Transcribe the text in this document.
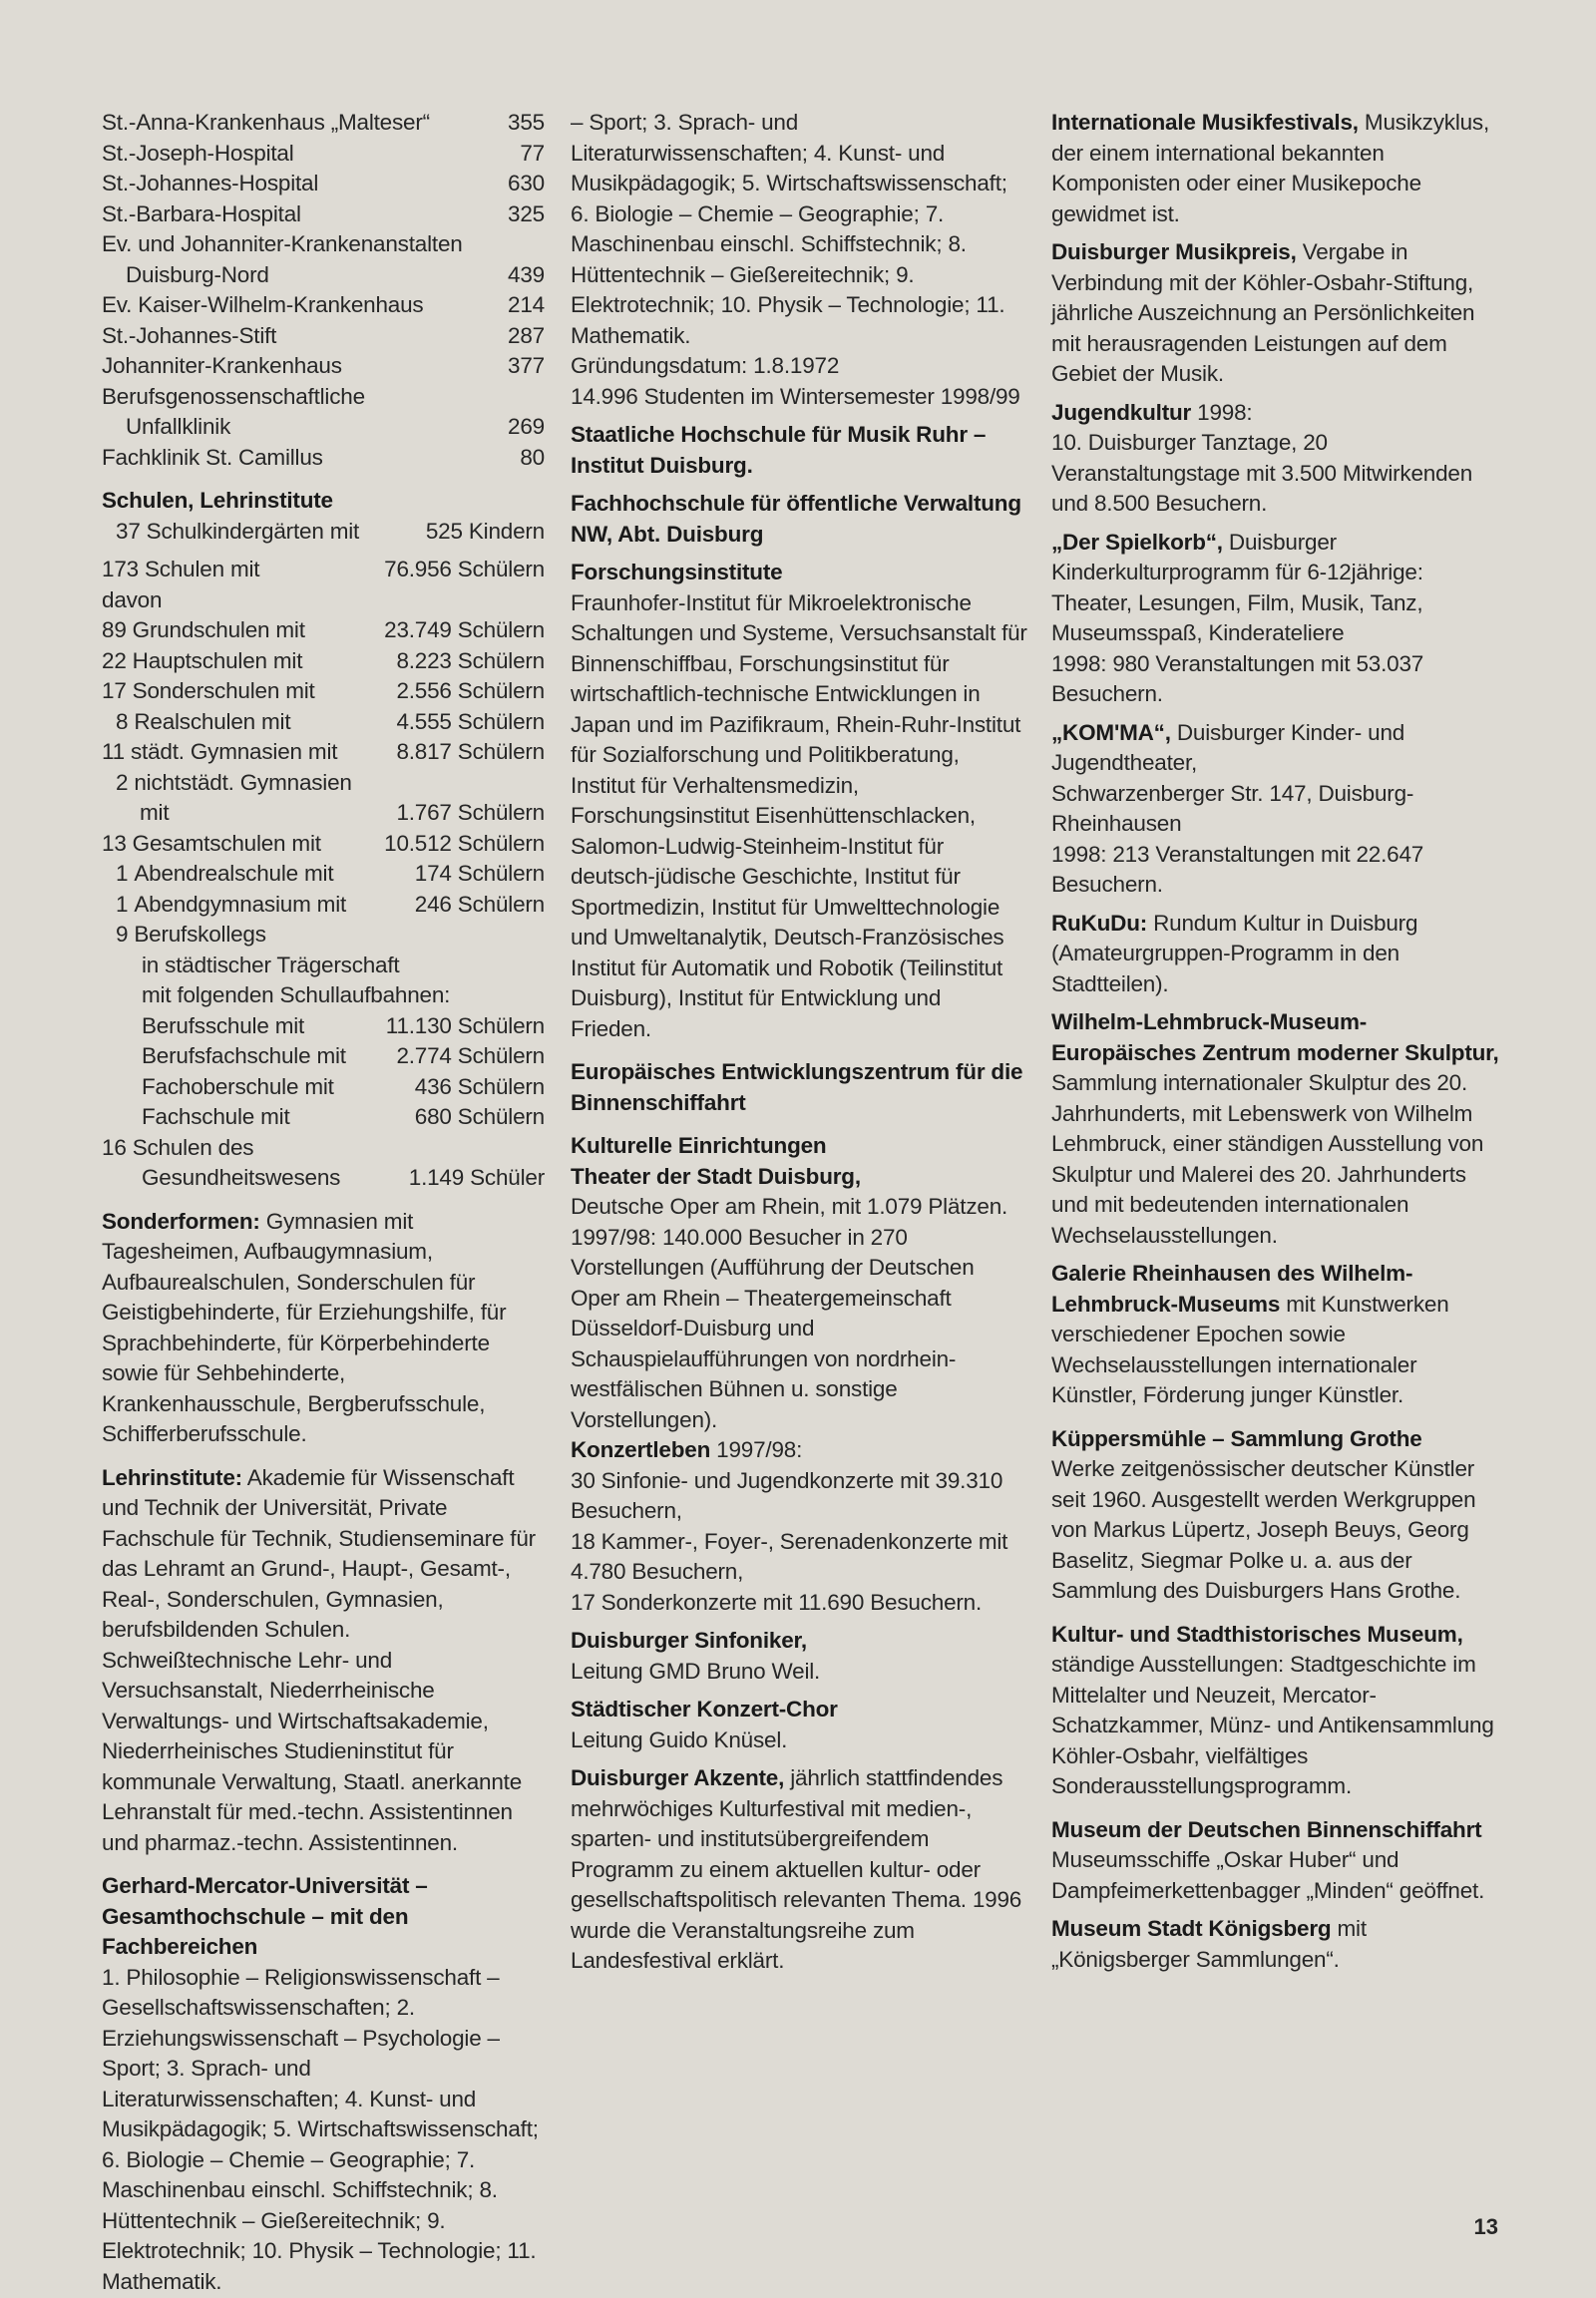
St.-Anna-Krankenhaus „Malteser“	355
St.-Joseph-Hospital	77
St.-Johannes-Hospital	630
St.-Barbara-Hospital	325
Ev. und Johanniter-Krankenanstalten
Duisburg-Nord	439
Ev. Kaiser-Wilhelm-Krankenhaus	214
St.-Johannes-Stift	287
Johanniter-Krankenhaus	377
Berufsgenossenschaftliche
Unfallklinik	269
Fachklinik St. Camillus	80
Schulen, Lehrinstitute
37 Schulkindergärten mit	525 Kindern
173 Schulen mit	76.956 Schülern
davon
89 Grundschulen mit	23.749 Schülern
22 Hauptschulen mit	8.223 Schülern
17 Sonderschulen mit	2.556 Schülern
8 Realschulen mit	4.555 Schülern
11 städt. Gymnasien mit	8.817 Schülern
2 nichtstädt. Gymnasien
mit	1.767 Schülern
13 Gesamtschulen mit	10.512 Schülern
1 Abendrealschule mit	174 Schülern
1 Abendgymnasium mit	246 Schülern
9 Berufskollegs
in städtischer Trägerschaft
mit folgenden Schullaufbahnen:
Berufsschule mit	11.130 Schülern
Berufsfachschule mit	2.774 Schülern
Fachoberschule mit	436 Schülern
Fachschule mit	680 Schülern
16 Schulen des
Gesundheitswesens	1.149 Schüler

Sonderformen: Gymnasien mit Tagesheimen, Aufbaugymnasium, Aufbaurealschulen, Sonderschulen für Geistigbehinderte, für Erziehungshilfe, für Sprachbehinderte, für Körperbehinderte sowie für Sehbehinderte, Krankenhausschule, Bergberufsschule, Schifferberufsschule.

Lehrinstitute: Akademie für Wissenschaft und Technik der Universität, Private Fachschule für Technik, Studienseminare für das Lehramt an Grund-, Haupt-, Gesamt-, Real-, Sonderschulen, Gymnasien, berufsbildenden Schulen.

Schweißtechnische Lehr- und Versuchsanstalt, Niederrheinische Verwaltungs- und Wirtschaftsakademie, Niederrheinisches Studieninstitut für kommunale Verwaltung, Staatl. anerkannte Lehranstalt für med.-techn. Assistentinnen und pharmaz.-techn. Assistentinnen.

Gerhard-Mercator-Universität – Gesamthochschule – mit den Fachbereichen

1. Philosophie – Religionswissenschaft – Gesellschaftswissenschaften; 2. Erziehungswissenschaft – Psychologie – Sport; 3. Sprach- und Literaturwissenschaften; 4. Kunst- und Musikpädagogik; 5. Wirtschaftswissenschaft; 6. Biologie – Chemie – Geographie; 7. Maschinenbau einschl. Schiffstechnik; 8. Hüttentechnik – Gießereitechnik; 9. Elektrotechnik; 10. Physik – Technologie; 11. Mathematik.

– Sport; 3. Sprach- und Literaturwissenschaften; 4. Kunst- und Musikpädagogik; 5. Wirtschaftswissenschaft; 6. Biologie – Chemie – Geographie; 7. Maschinenbau einschl. Schiffstechnik; 8. Hüttentechnik – Gießereitechnik; 9. Elektrotechnik; 10. Physik – Technologie; 11. Mathematik.

Gründungsdatum: 1.8.1972

14.996 Studenten im Wintersemester 1998/99

Staatliche Hochschule für Musik Ruhr – Institut Duisburg.
Fachhochschule für öffentliche Verwaltung NW, Abt. Duisburg
Forschungsinstitute

Fraunhofer-Institut für Mikroelektronische Schaltungen und Systeme, Versuchsanstalt für Binnenschiffbau, Forschungsinstitut für wirtschaftlich-technische Entwicklungen in Japan und im Pazifikraum, Rhein-Ruhr-Institut für Sozialforschung und Politikberatung, Institut für Verhaltensmedizin, Forschungsinstitut Eisenhüttenschlacken, Salomon-Ludwig-Steinheim-Institut für deutsch-jüdische Geschichte, Institut für Sportmedizin, Institut für Umwelttechnologie und Umweltanalytik, Deutsch-Französisches Institut für Automatik und Robotik (Teilinstitut Duisburg), Institut für Entwicklung und Frieden.

Europäisches Entwicklungszentrum für die Binnenschiffahrt
Kulturelle Einrichtungen
Theater der Stadt Duisburg,

Deutsche Oper am Rhein, mit 1.079 Plätzen.

1997/98: 140.000 Besucher in 270 Vorstellungen (Aufführung der Deutschen Oper am Rhein – Theatergemeinschaft Düsseldorf-Duisburg und Schauspielaufführungen von nordrhein-westfälischen Bühnen u. sonstige Vorstellungen).

Konzertleben 1997/98:

30 Sinfonie- und Jugendkonzerte mit 39.310 Besuchern,

18 Kammer-, Foyer-, Serenadenkonzerte mit 4.780 Besuchern,

17 Sonderkonzerte mit 11.690 Besuchern.

Duisburger Sinfoniker,

Leitung GMD Bruno Weil.

Städtischer Konzert-Chor

Leitung Guido Knüsel.

Duisburger Akzente, jährlich stattfindendes mehrwöchiges Kulturfestival mit medien-, sparten- und institutsübergreifendem Programm zu einem aktuellen kultur- oder gesellschaftspolitisch relevanten Thema. 1996 wurde die Veranstaltungsreihe zum Landesfestival erklärt.

Internationale Musikfestivals, Musikzyklus, der einem international bekannten Komponisten oder einer Musikepoche gewidmet ist.

Duisburger Musikpreis, Vergabe in Verbindung mit der Köhler-Osbahr-Stiftung, jährliche Auszeichnung an Persönlichkeiten mit herausragenden Leistungen auf dem Gebiet der Musik.

Jugendkultur 1998:

10. Duisburger Tanztage, 20 Veranstaltungstage mit 3.500 Mitwirkenden und 8.500 Besuchern.

„Der Spielkorb“, Duisburger Kinderkulturprogramm für 6-12jährige: Theater, Lesungen, Film, Musik, Tanz, Museumsspaß, Kinderateliere

1998: 980 Veranstaltungen mit 53.037 Besuchern.

„KOM'MA“, Duisburger Kinder- und Jugendtheater,

Schwarzenberger Str. 147, Duisburg-Rheinhausen

1998: 213 Veranstaltungen mit 22.647 Besuchern.

RuKuDu: Rundum Kultur in Duisburg (Amateurgruppen-Programm in den Stadtteilen).

Wilhelm-Lehmbruck-Museum- Europäisches Zentrum moderner Skulptur, Sammlung internationaler Skulptur des 20. Jahrhunderts, mit Lebenswerk von Wilhelm Lehmbruck, einer ständigen Ausstellung von Skulptur und Malerei des 20. Jahrhunderts und mit bedeutenden internationalen Wechselausstellungen.

Galerie Rheinhausen des Wilhelm-Lehmbruck-Museums mit Kunstwerken verschiedener Epochen sowie Wechselausstellungen internationaler Künstler, Förderung junger Künstler.

Küppersmühle – Sammlung Grothe

Werke zeitgenössischer deutscher Künstler seit 1960. Ausgestellt werden Werkgruppen von Markus Lüpertz, Joseph Beuys, Georg Baselitz, Siegmar Polke u. a. aus der Sammlung des Duisburgers Hans Grothe.

Kultur- und Stadthistorisches Museum, ständige Ausstellungen: Stadtgeschichte im Mittelalter und Neuzeit, Mercator-Schatzkammer, Münz- und Antikensammlung Köhler-Osbahr, vielfältiges Sonderausstellungsprogramm.

Museum der Deutschen Binnenschiffahrt

Museumsschiffe „Oskar Huber“ und Dampfeimerkettenbagger „Minden“ geöffnet.

Museum Stadt Königsberg mit „Königsberger Sammlungen“.

13
